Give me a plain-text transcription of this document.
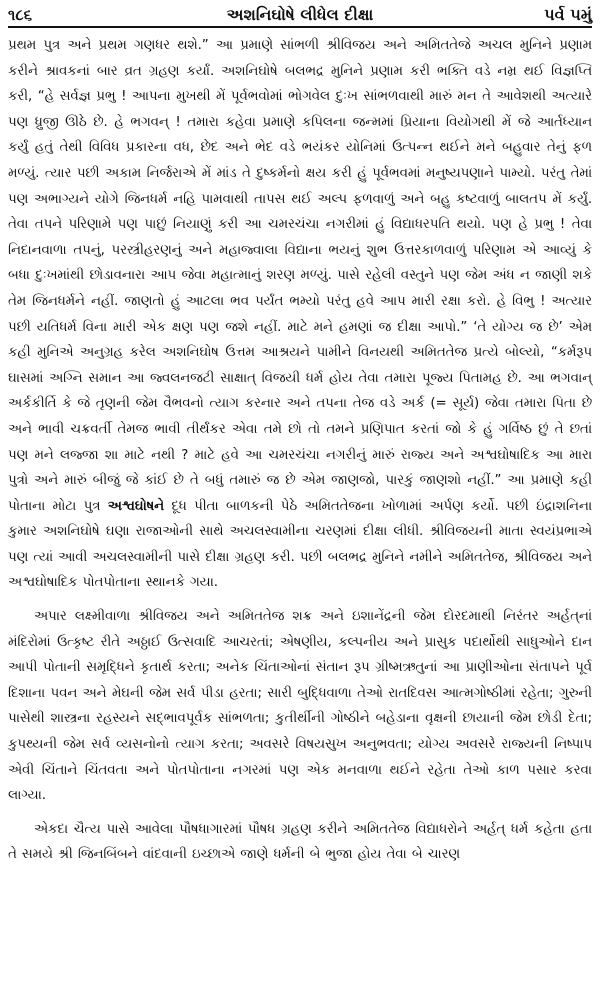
૧૮૬	અશનિઘોષે લીધેલ દીક્ષા	પર્વ ૫મું

પ્રથમ પુત્ર અને પ્રથમ ગણધર થશે.” આ પ્રમાણે સાંભળી શ્રીવિજય અને અમિતતેજે અચલ મુનિને પ્રણામ કરીને શ્રાવકનાં બાર વ્રત ગ્રહણ કર્યાં. અશનિઘોષે બલભદ્ર મુનિને પ્રણામ કરી ભક્તિ વડે નમ્ર થઈ વિજ્ઞપ્તિ કરી, “હે સર્વજ્ઞ પ્રભુ ! આપના મુખથી મેં પૂર્વભવોમાં ભોગવેલ દુઃખ સાંભળવાથી મારું મન તે આવેશથી અત્યારે પણ ધ્રુજી ઊઠે છે. હે ભગવન્ ! તમારા કહેવા પ્રમાણે કપિલના જન્મમાં પ્રિયાના વિયોગથી મેં જે આર્તધ્યાન કર્યું હતું તેથી વિવિધ પ્રકારના વધ, છેદ અને ભેદ વડે ભયંકર યોનિમાં ઉત્પન્ન થઈને મને બહુવાર તેનું ફળ મળ્યું. ત્યાર પછી અકામ નિર્જરાએ મેં માંડ તે દુષ્કર્મનો ક્ષય કરી હું પૂર્વભવમાં મનુષ્યપણાને પામ્યો. પરંતુ તેમાં પણ અભાગ્યને યોગે જિનધર્મ નહિ પામવાથી તાપસ થઈ અલ્પ ફળવાળું અને બહુ કષ્ટવાળું બાલતપ મેં કર્યું. તેવા તપને પરિણામે પણ પાછું નિયાણું કરી આ ચમરચંચા નગરીમાં હું વિદ્યાધરપતિ થયો. પણ હે પ્રભુ ! તેવા નિદાનવાળા તપનું, પરસ્ત્રીહરણનું અને મહાજ્વાલા વિદ્યાના ભયનું શુભ ઉત્તરકાળવાળું પરિણામ એ આવ્યું કે બધા દુઃખમાંથી છોડાવનારા આપ જેવા મહાત્માનું શરણ મળ્યું. પાસે રહેલી વસ્તુને પણ જેમ અંધ ન જાણી શકે તેમ જિનધર્મને નહીં. જાણતો હું આટલા ભવ પર્યંત ભમ્યો પરંતુ હવે આપ મારી રક્ષા કરો. હે વિભુ ! અત્યાર પછી યતિધર્મ વિના મારી એક ક્ષણ પણ જશે નહીં. માટે મને હમણાં જ દીક્ષા આપો.” ‘તે યોગ્ય જ છે’ એમ કહી મુનિએ અનુગ્રહ કરેલ અશનિઘોષ ઉત્તમ આશ્રયને પામીને વિનયથી અમિતતેજ પ્રત્યે બોલ્યો, “કર્મરૂપ ઘાસમાં અગ્નિ સમાન આ જ્વલનજટી સાક્ષાત્ વિજયી ધર્મ હોય તેવા તમારા પૂજ્ય પિતામહ છે. આ ભગવાન્ અર્કકીર્તિ કે જે તૃણની જેમ વૈભવનો ત્યાગ કરનાર અને તપના તેજ વડે અર્ક (= સૂર્ય) જેવા તમારા પિતા છે અને ભાવી ચક્રવર્તી તેમજ ભાવી તીર્થંકર એવા તમે છો તો તમને પ્રણિપાત કરતાં જો કે હું ગર્વિષ્ઠ છું તે છતાં પણ મને લજ્જા શા માટે નથી ? માટે હવે આ ચમરચંચા નગરીનું મારું રાજ્ય અને અશ્વઘોષાદિક આ મારા પુત્રો અને મારું બીજું જે કાંઈ છે તે બધું તમારું જ છે એમ જાણજો, પારકું જાણશો નહીં.” આ પ્રમાણે કહી પોતાના મોટા પુત્ર અશ્વઘોષને દૂધ પીતા બાળકની પેઠે અમિતતેજના ખોળામાં અર્પણ કર્યો. પછી ઇંદ્રાશનિના કુમાર અશનિઘોષે ઘણા રાજાઓની સાથે અચલસ્વામીના ચરણમાં દીક્ષા લીધી. શ્રીવિજયની માતા સ્વયંપ્રભાએ પણ ત્યાં આવી અચલસ્વામીની પાસે દીક્ષા ગ્રહણ કરી. પછી બલભદ્ર મુનિને નમીને અમિતતેજ, શ્રીવિજય અને અશ્વઘોષાદિક પોતપોતાના સ્થાનકે ગયા.

અપાર લક્ષ્મીવાળા શ્રીવિજય અને અમિતતેજ શક્ર અને ઇશાનેંદ્રની જેમ દોરદમાથી નિરંતર અર્હત્‌નાં મંદિરોમાં ઉત્કૃષ્ટ રીતે અઠ્ઠાઈ ઉત્સવાદિ આચરતાં; એષણીય, કલ્પનીય અને પ્રાસુક પદાર્થોથી સાધુઓને દાન આપી પોતાની સમૃદ્ધિને કૃતાર્થ કરતા; અનેક ચિંતાઓનાં સંતાન રૂપ ગ્રીષ્મઋતુનાં આ પ્રાણીઓના સંતાપને પૂર્વ દિશાના પવન અને મેઘની જેમ સર્વ પીડા હરતા; સારી બુદ્ધિવાળા તેઓ રાતદિવસ આત્મગોષ્ઠીમાં રહેતા; ગુરુની પાસેથી શાસ્ત્રના રહસ્યને સદ્‌ભાવપૂર્વક સાંભળતા; કુતીર્થીની ગોષ્ઠીને બહેડાના વૃક્ષની છાયાની જેમ છોડી દેતા; કુપથ્યની જેમ સર્વ વ્યસનોનો ત્યાગ કરતા; અવસરે વિષયસુખ અનુભવતા; યોગ્ય અવસરે રાજ્યની નિષ્પાપ એવી ચિંતાને ચિંતવતા અને પોતપોતાના નગરમાં પણ એક મનવાળા થઈને રહેતા તેઓ કાળ પસાર કરવા લાગ્યા.

એકદા ચૈત્ય પાસે આવેલા પૌષધાગારમાં પૌષધ ગ્રહણ કરીને અમિતતેજ વિદ્યાધરોને અર્હત્ ધર્મ કહેતા હતા તે સમયે શ્રી જિનબિંબને વાંદવાની ઇચ્છાએ જાણે ધર્મની બે ભુજા હોય તેવા બે ચારણ
